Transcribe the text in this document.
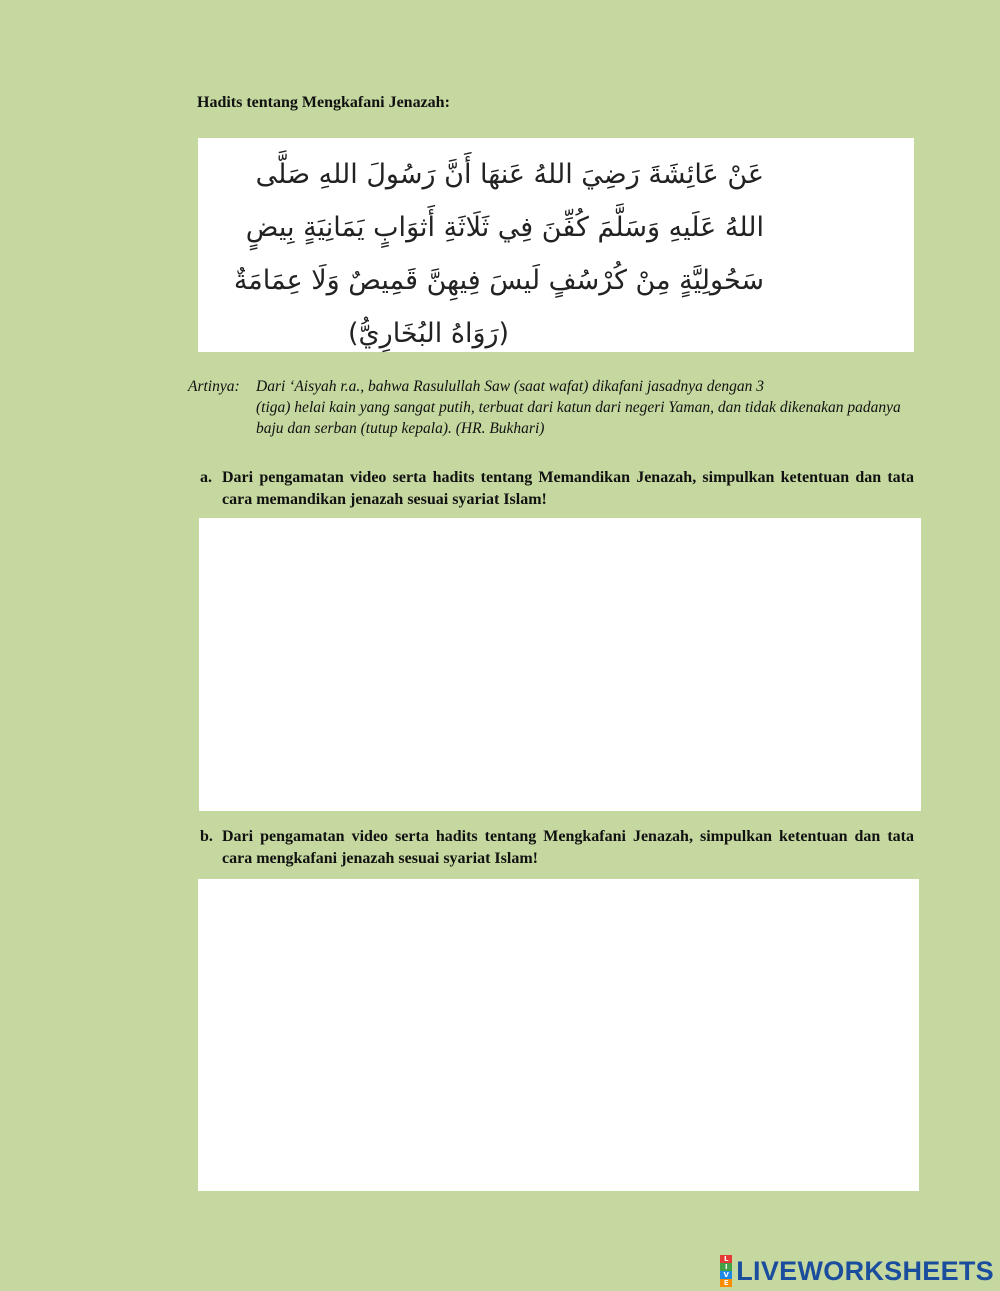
Hadits tentang Mengkafani Jenazah:
عَنْ عَائِشَةَ رَضِيَ اللهُ عَنهَا أَنَّ رَسُولَ اللهِ صَلَّى
اللهُ عَلَيهِ وَسَلَّمَ كُفِّنَ فِي ثَلَاثَةِ أَثوَابٍ يَمَانِيَةٍ بِيضٍ
سَحُولِيَّةٍ مِنْ كُرْسُفٍ لَيسَ فِيهِنَّ قَمِيصٌ وَلَا عِمَامَةٌ
(رَوَاهُ البُخَارِيُّ)
Artinya: Dari ‘Aisyah r.a., bahwa Rasulullah Saw (saat wafat) dikafani jasadnya dengan 3
(tiga) helai kain yang sangat putih, terbuat dari katun dari negeri Yaman, dan tidak dikenakan padanya baju dan serban (tutup kepala). (HR. Bukhari)
a. Dari pengamatan video serta hadits tentang Memandikan Jenazah, simpulkan ketentuan dan tata cara memandikan jenazah sesuai syariat Islam!
b. Dari pengamatan video serta hadits tentang Mengkafani Jenazah, simpulkan ketentuan dan tata cara mengkafani jenazah sesuai syariat Islam!
L
I
V
E LIVEWORKSHEETS
